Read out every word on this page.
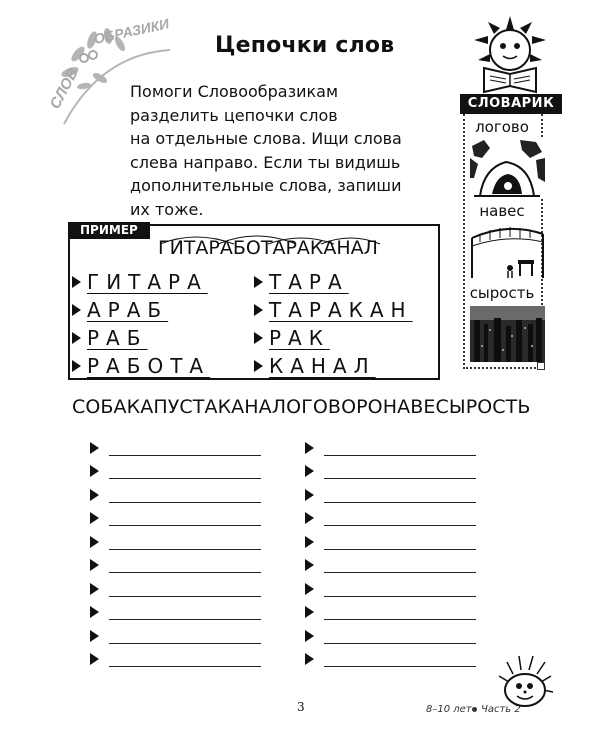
СЛОВ
ОБРАЗИКИ Цепочки слов
Помоги Словообразикам
разделить цепочки слов
на отдельные слова. Ищи слова
слева направо. Если ты видишь
дополнительные слова, запиши
их тоже.
СЛОВАРИК
логово
навес
сырость
ПРИМЕР
ГИТАРАБОТАРАКАНАЛ
ГИТАРА
АРАБ
РАБ
РАБОТА
ТАРА
ТАРАКАН
РАК
КАНАЛ
СОБАКАПУСТАКАНАЛОГОВОРОНАВЕСЫРОСТЬ
3	8–10 лет Часть 2
